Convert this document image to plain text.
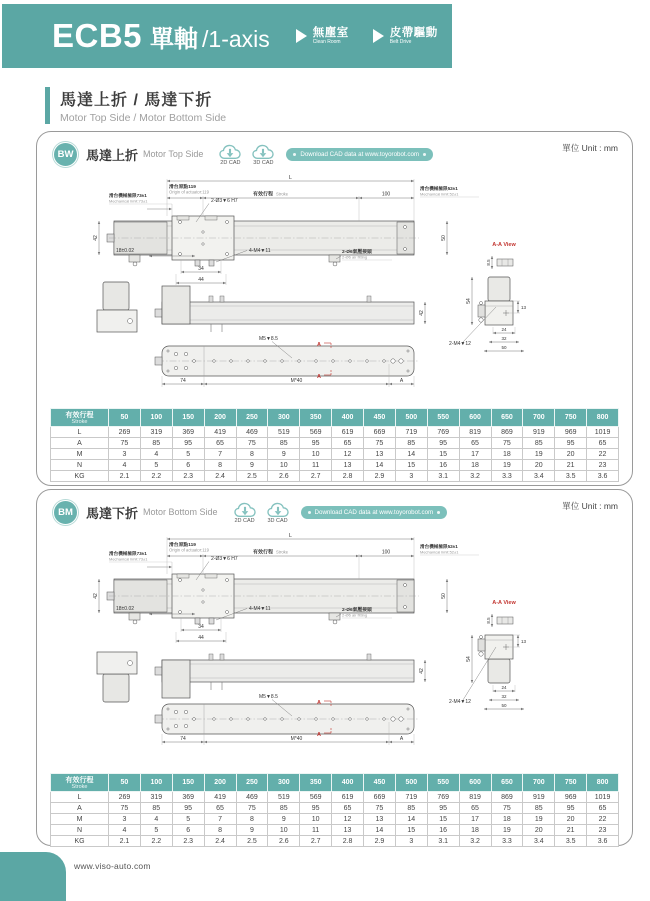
ECB5 單軸 /1-axis	無塵室
Clean Room
皮帶驅動
Belt Drive
馬達上折 / 馬達下折
Motor Top Side / Motor Bottom Side
BW 馬達上折 Motor Top Side
2D CAD 3D CAD
Download CAD data at www.toyorobot.com
單位 Unit : mm
L
滑台原點119
Origin of actuator:119	有效行程 Stroke	100
滑台機械極限73±1
Mechanical limit:73±1
滑台機械極限52±1
Mechanical limit:52±1
42	50
2-Ø3▼6 H7
4-M4▼11
18±0.02
34
44
2-Ø6氣壓接頭
2-Ø6 air fitting
42
M5▼8.5
A
A
74	M*40	A
A-A View
8.5
54
13
24
32
50
2-M4▼12
有效行程
Stroke	50	100	150	200	250	300	350	400	450	500	550	600	650	700	750	800
L	269	319	369	419	469	519	569	619	669	719	769	819	869	919	969	1019
A	75	85	95	65	75	85	95	65	75	85	95	65	75	85	95	65
M	3	4	5	7	8	9	10	12	13	14	15	17	18	19	20	22
N	4	5	6	8	9	10	11	13	14	15	16	18	19	20	21	23
KG	2.1	2.2	2.3	2.4	2.5	2.6	2.7	2.8	2.9	3	3.1	3.2	3.3	3.4	3.5	3.6
BM	馬達下折 Motor Bottom Side
2D CAD 3D CAD
Download CAD data at www.toyorobot.com
單位 Unit : mm
L
滑台原點119
Origin of actuator:119	有效行程 Stroke	100
滑台機械極限73±1
Mechanical limit:73±1
滑台機械極限52±1
Mechanical limit:52±1
42	50
2-Ø3▼6 H7
4-M4▼11
18±0.02
34
44
2-Ø6氣壓接頭
2-Ø6 air fitting
42
M5▼8.5
A
A
74	M*40	A
A-A View
8.5
54
13
24
32
50
2-M4▼12
有效行程
Stroke	50	100	150	200	250	300	350	400	450	500	550	600	650	700	750	800
L	269	319	369	419	469	519	569	619	669	719	769	819	869	919	969	1019
A	75	85	95	65	75	85	95	65	75	85	95	65	75	85	95	65
M	3	4	5	7	8	9	10	12	13	14	15	17	18	19	20	22
N	4	5	6	8	9	10	11	13	14	15	16	18	19	20	21	23
KG	2.1	2.2	2.3	2.4	2.5	2.6	2.7	2.8	2.9	3	3.1	3.2	3.3	3.4	3.5	3.6
www.viso-auto.com
